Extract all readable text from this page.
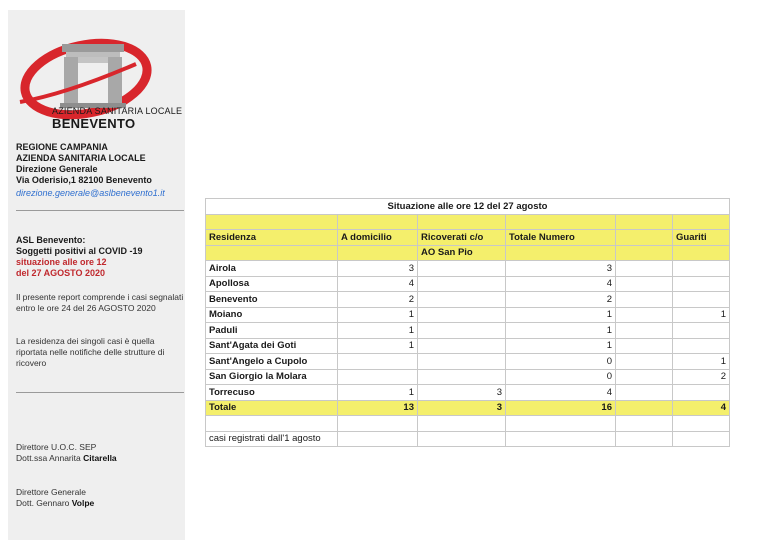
AZIENDA SANITARIA LOCALE
BENEVENTO
REGIONE CAMPANIA
AZIENDA SANITARIA LOCALE
Direzione Generale
Via Oderisio,1 82100 Benevento
direzione.generale@aslbenevento1.it
ASL Benevento:
Soggetti positivi al COVID -19
situazione alle ore 12
del 27 AGOSTO 2020
Il presente report comprende i casi segnalati entro le ore 24 del 26 AGOSTO 2020
La residenza dei singoli casi è quella riportata nelle notifiche delle strutture di ricovero
Direttore U.O.C. SEP
Dott.ssa Annarita Citarella
Direttore Generale
Dott. Gennaro Volpe
Situazione alle ore 12 del 27 agosto					

Residenza	A domicilio	Ricoverati c/o	Totale Numero		Guariti
		AO San Pio			
Airola	3		3		
Apollosa	4		4		
Benevento	2		2		
Moiano	1		1		1
Paduli	1		1		
Sant'Agata dei Goti	1		1		
Sant'Angelo a Cupolo			0		1
San Giorgio la Molara			0		2
Torrecuso	1	3	4		
Totale	13	3	16		4

casi registrati dall'1 agosto					
